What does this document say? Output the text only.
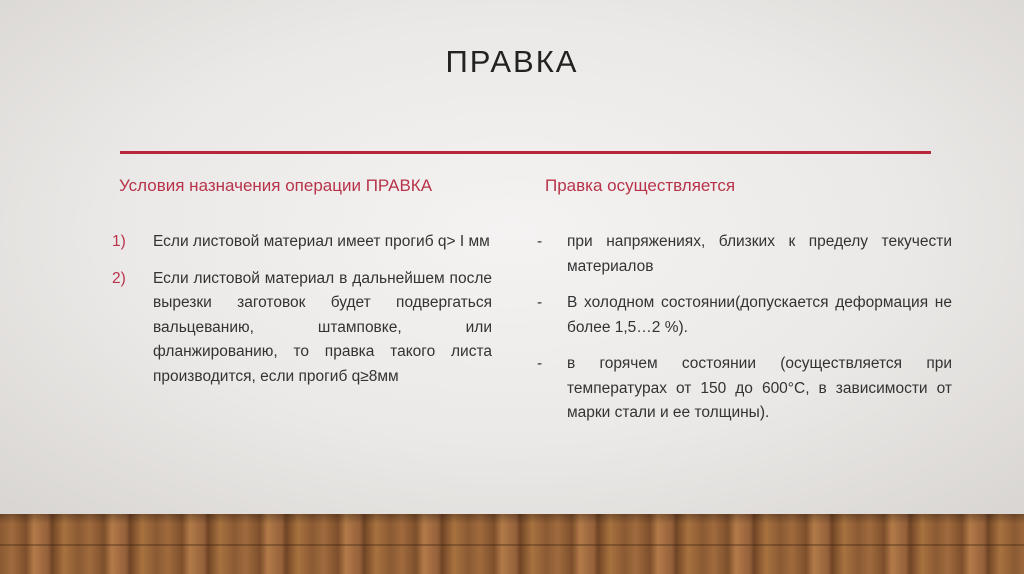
ПРАВКА
Условия назначения операции ПРАВКА	Правка осуществляется
1)	Если листовой материал имеет прогиб q> I мм
2)	Если листовой материал в дальнейшем после вырезки заготовок будет подвергаться вальцеванию, штамповке, или фланжированию, то правка такого листа производится, если прогиб q≥8мм
-	при напряжениях, близких к пределу текучести материалов
-	В холодном состоянии(допускается деформация не более 1,5…2 %).
-	в горячем состоянии (осуществляется при температурах от 150 до 600°С, в зависимости от марки стали и ее толщины).
